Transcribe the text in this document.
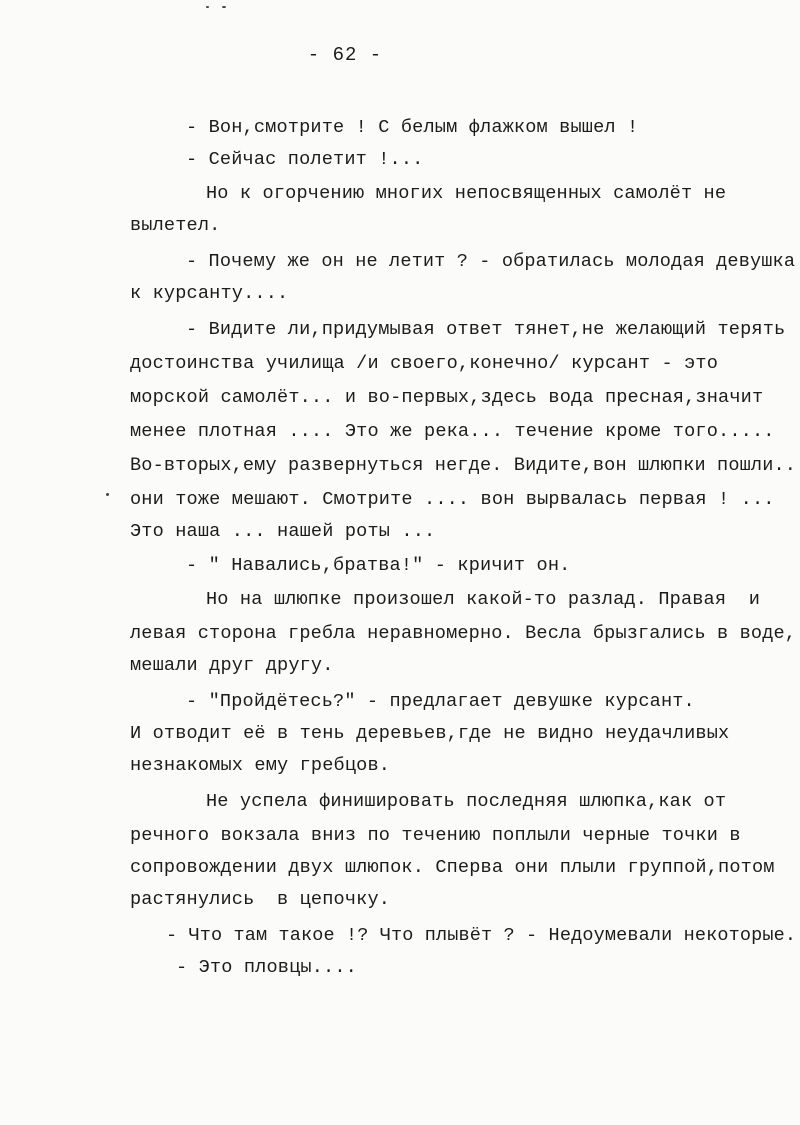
- 62 -
- Вон,смотрите ! С белым флажком вышел !
- Сейчас полетит !...
Но к огорчению многих непосвященных самолёт не
вылетел.
- Почему же он не летит ? - обратилась молодая девушка
к курсанту....
- Видите ли,придумывая ответ тянет,не желающий терять
достоинства училища /и своего,конечно/ курсант - это
морской самолёт... и во-первых,здесь вода пресная,значит
менее плотная .... Это же река... течение кроме того.....
Во-вторых,ему развернуться негде. Видите,вон шлюпки пошли..
они тоже мешают. Смотрите .... вон вырвалась первая ! ...
Это наша ... нашей роты ...
- " Навались,братва!" - кричит он.
Но на шлюпке произошел какой-то разлад. Правая  и
левая сторона гребла неравномерно. Весла брызгались в воде,
мешали друг другу.
- "Пройдётесь?" - предлагает девушке курсант.
И отводит её в тень деревьев,где не видно неудачливых
незнакомых ему гребцов.
Не успела финишировать последняя шлюпка,как от
речного вокзала вниз по течению поплыли черные точки в
сопровождении двух шлюпок. Сперва они плыли группой,потом
растянулись  в цепочку.
- Что там такое !? Что плывёт ? - Недоумевали некоторые.
- Это пловцы....
